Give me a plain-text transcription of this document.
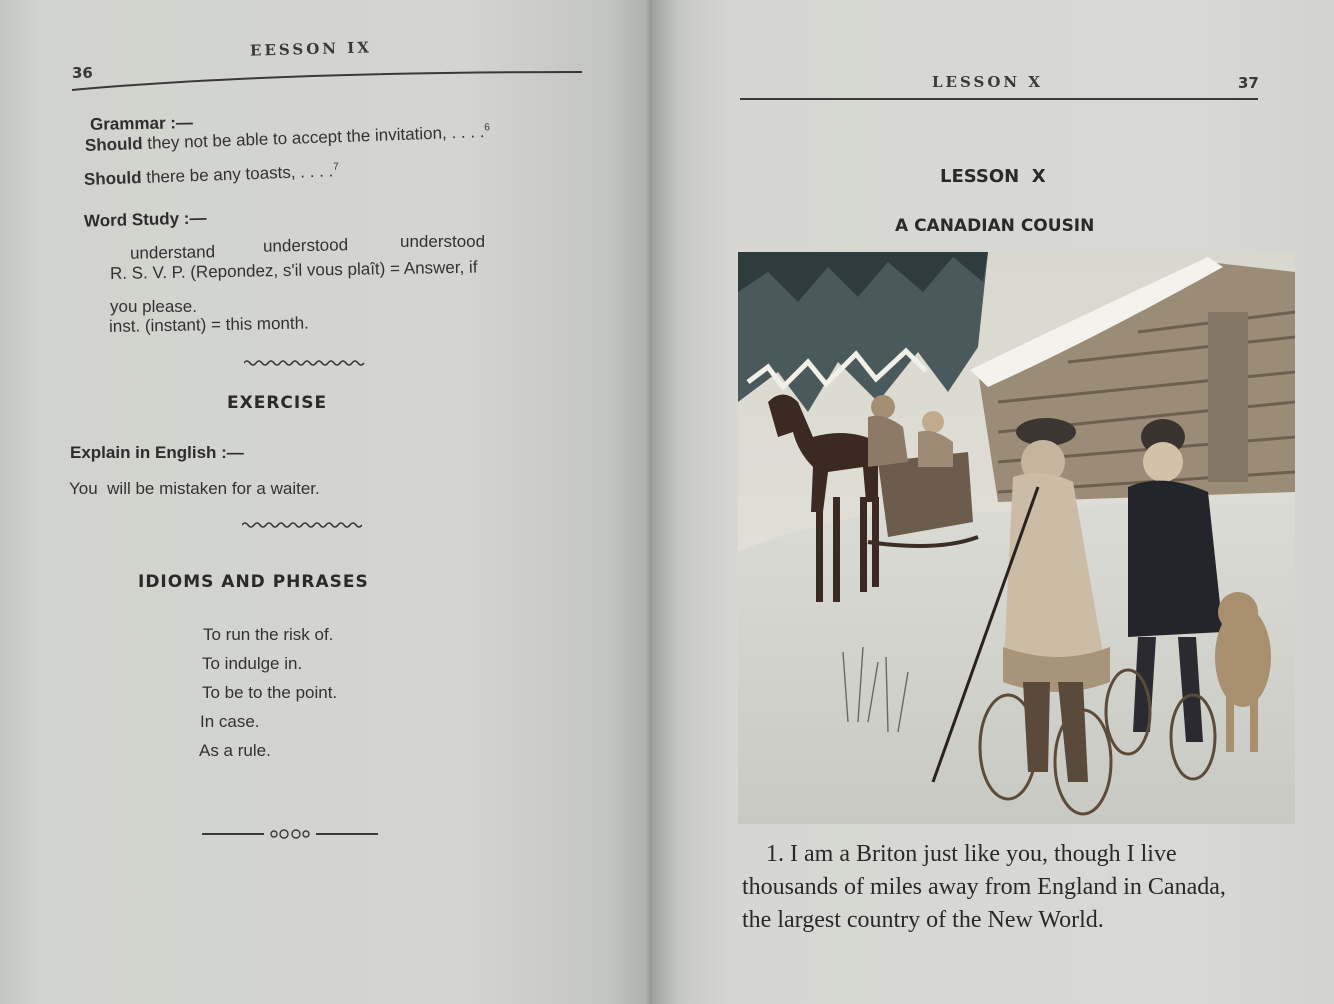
36
EESSON IX
Grammar :—
Should they not be able to accept the invitation, . . . .$^6$
Should there be any toasts, . . . .$^7$
Word Study :—
understand	understood	understood
R. S. V. P. (Repondez, s'il vous plaît) = Answer, if
you please.
inst. (instant) = this month.
EXERCISE
Explain in English :—
You  will be mistaken for a waiter.
IDIOMS AND PHRASES
To run the risk of.
To indulge in.
To be to the point.
In case.
As a rule.
LESSON X	37
LESSON  X
A CANADIAN COUSIN
1. I am a Briton just like you, though I live
thousands of miles away from England in Canada,
the largest country of the New World.
